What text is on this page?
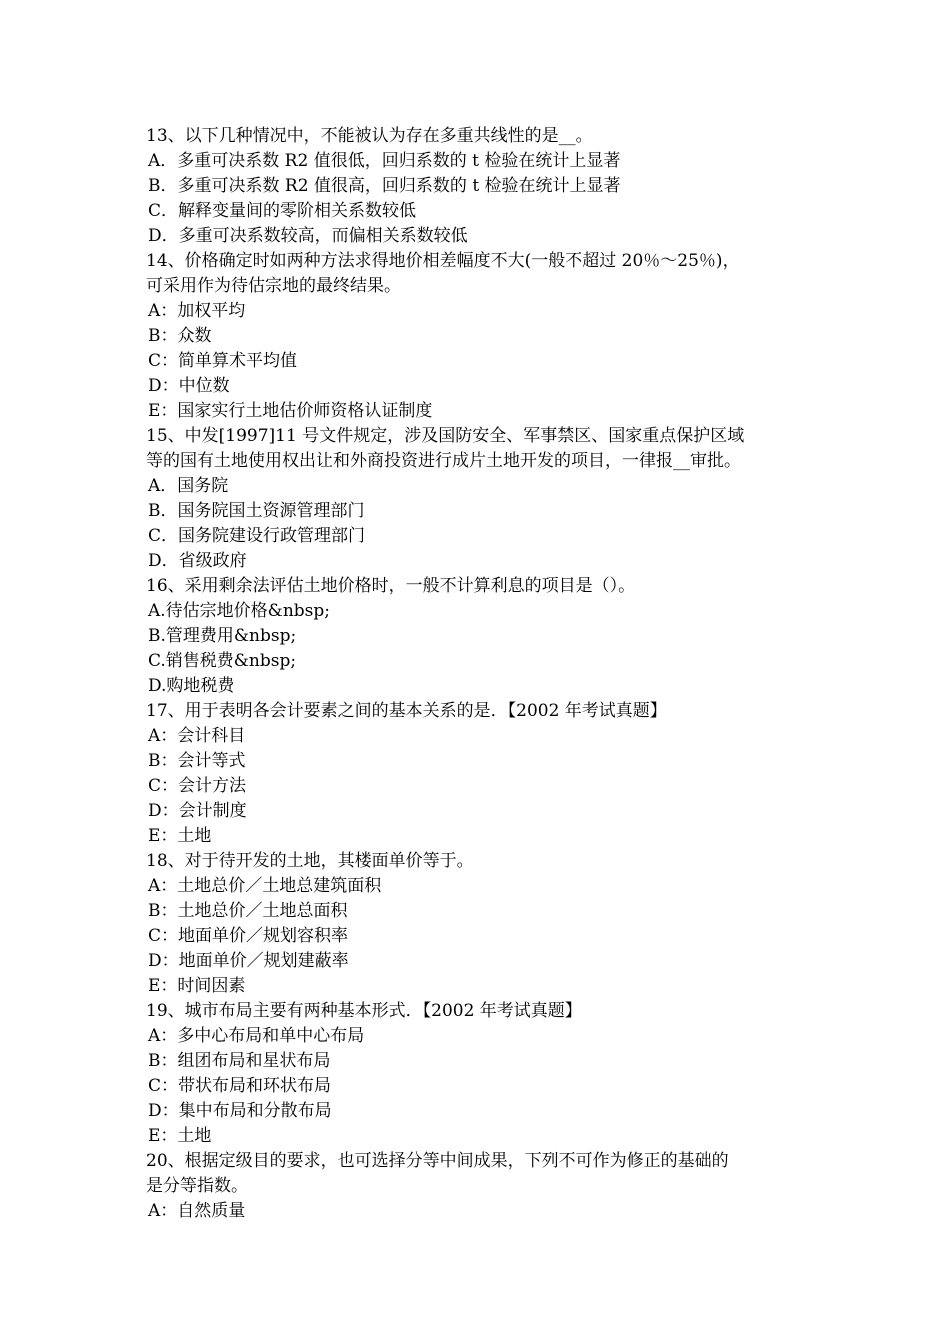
13、以下几种情况中，不能被认为存在多重共线性的是__。
A．多重可决系数 R2 值很低，回归系数的 t 检验在统计上显著
B．多重可决系数 R2 值很高，回归系数的 t 检验在统计上显著
C．解释变量间的零阶相关系数较低
D．多重可决系数较高，而偏相关系数较低
14、价格确定时如两种方法求得地价相差幅度不大(一般不超过 20％～25％)，
可采用作为待估宗地的最终结果。
A：加权平均
B：众数
C：简单算术平均值
D：中位数
E：国家实行土地估价师资格认证制度
15、中发[1997]11 号文件规定，涉及国防安全、军事禁区、国家重点保护区域
等的国有土地使用权出让和外商投资进行成片土地开发的项目，一律报__审批。
A．国务院
B．国务院国土资源管理部门
C．国务院建设行政管理部门
D．省级政府
16、采用剩余法评估土地价格时，一般不计算利息的项目是（）。
A.待估宗地价格&nbsp;
B.管理费用&nbsp;
C.销售税费&nbsp;
D.购地税费
17、用于表明各会计要素之间的基本关系的是．【2002 年考试真题】
A：会计科目
B：会计等式
C：会计方法
D：会计制度
E：土地
18、对于待开发的土地，其楼面单价等于。
A：土地总价／土地总建筑面积
B：土地总价／土地总面积
C：地面单价／规划容积率
D：地面单价／规划建蔽率
E：时间因素
19、城市布局主要有两种基本形式．【2002 年考试真题】
A：多中心布局和单中心布局
B：组团布局和星状布局
C：带状布局和环状布局
D：集中布局和分散布局
E：土地
20、根据定级目的要求，也可选择分等中间成果，下列不可作为修正的基础的
是分等指数。
A：自然质量
